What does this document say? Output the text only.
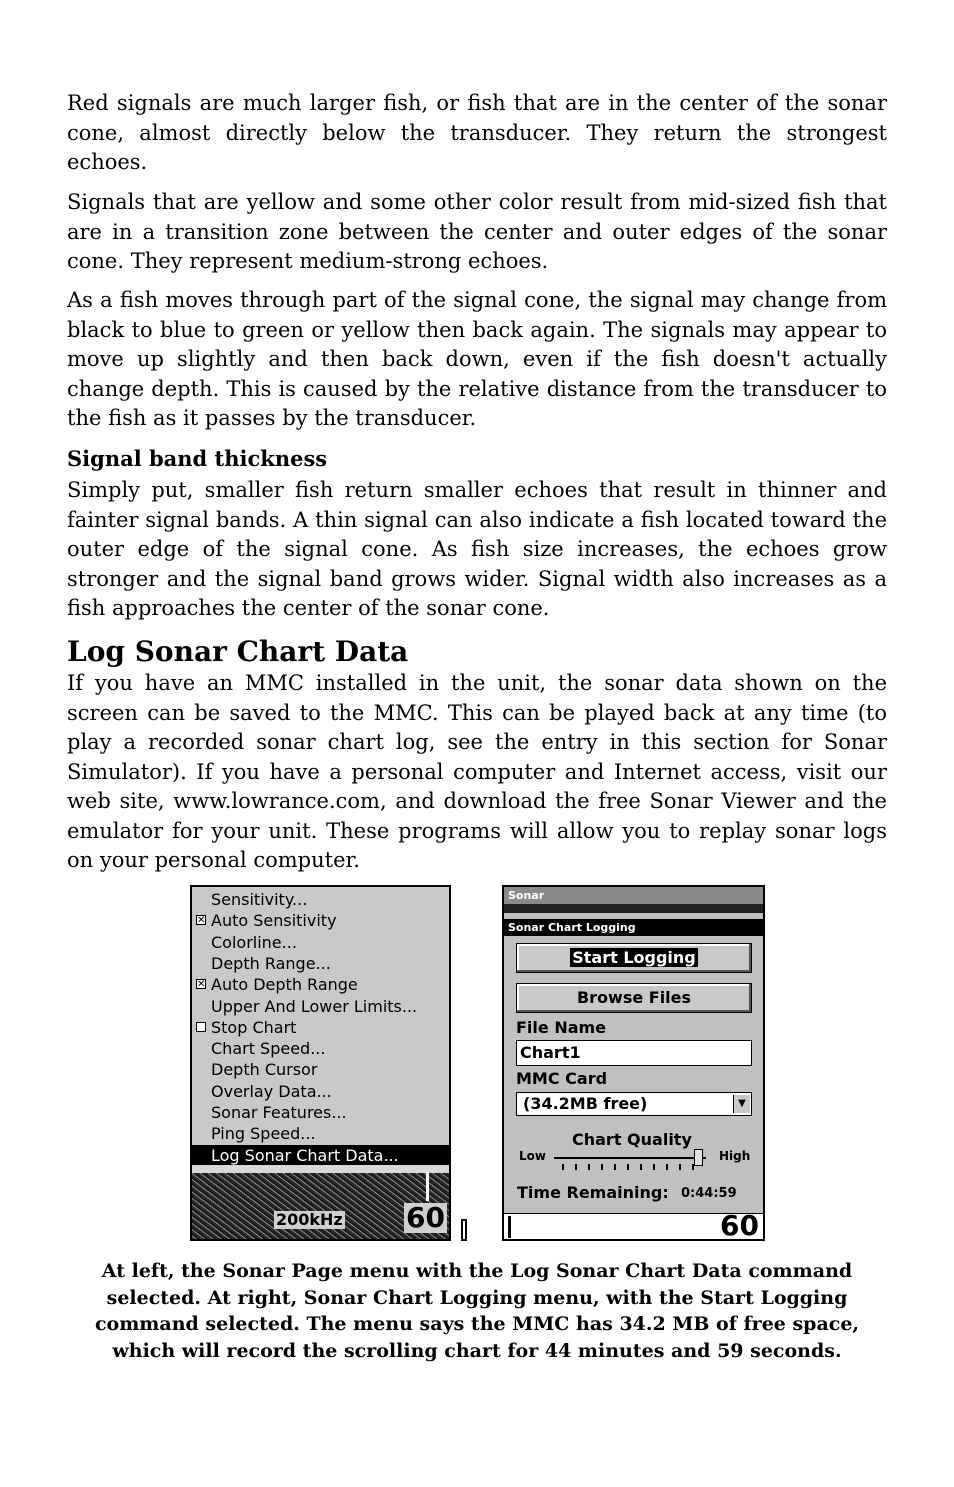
Red signals are much larger fish, or fish that are in the center of the sonar cone, almost directly below the transducer. They return the strongest echoes.
Signals that are yellow and some other color result from mid-sized fish that are in a transition zone between the center and outer edges of the sonar cone. They represent medium-strong echoes.
As a fish moves through part of the signal cone, the signal may change from black to blue to green or yellow then back again. The signals may appear to move up slightly and then back down, even if the fish doesn't actually change depth. This is caused by the relative distance from the transducer to the fish as it passes by the transducer.
Signal band thickness
Simply put, smaller fish return smaller echoes that result in thinner and fainter signal bands. A thin signal can also indicate a fish located toward the outer edge of the signal cone. As fish size increases, the echoes grow stronger and the signal band grows wider. Signal width also increases as a fish approaches the center of the sonar cone.
Log Sonar Chart Data
If you have an MMC installed in the unit, the sonar data shown on the screen can be saved to the MMC. This can be played back at any time (to play a recorded sonar chart log, see the entry in this section for Sonar Simulator). If you have a personal computer and Internet access, visit our web site, www.lowrance.com, and download the free Sonar Viewer and the emulator for your unit. These programs will allow you to replay sonar logs on your personal computer.
Sensitivity...
✕ Auto Sensitivity
Colorline...
Depth Range...
✕ Auto Depth Range
Upper And Lower Limits...
Stop Chart
Chart Speed...
Depth Cursor
Overlay Data...
Sonar Features...
Ping Speed...
Log Sonar Chart Data...
200kHz 60
Sonar
Sonar Chart Logging
Start Logging
Browse Files
File Name
Chart1
MMC Card
(34.2MB free)	▼
Chart Quality
Low	High
Time Remaining: 0:44:59
60
At left, the Sonar Page menu with the Log Sonar Chart Data command selected. At right, Sonar Chart Logging menu, with the Start Logging command selected. The menu says the MMC has 34.2 MB of free space, which will record the scrolling chart for 44 minutes and 59 seconds.
